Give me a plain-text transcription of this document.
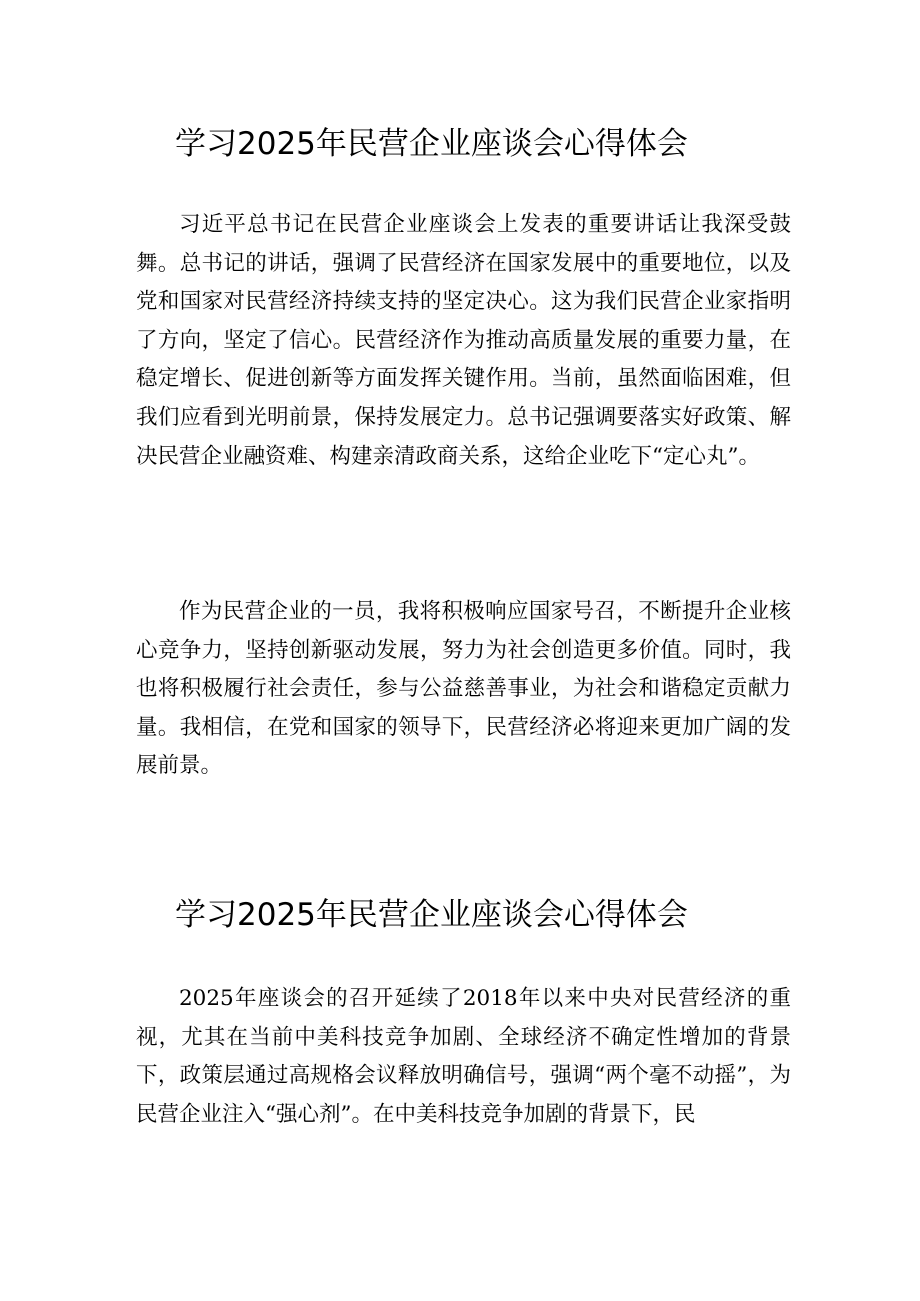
学习2025年民营企业座谈会心得体会

习近平总书记在民营企业座谈会上发表的重要讲话让我深受鼓舞。总书记的讲话，强调了民营经济在国家发展中的重要地位，以及党和国家对民营经济持续支持的坚定决心。这为我们民营企业家指明了方向，坚定了信心。民营经济作为推动高质量发展的重要力量，在稳定增长、促进创新等方面发挥关键作用。当前，虽然面临困难，但我们应看到光明前景，保持发展定力。总书记强调要落实好政策、解决民营企业融资难、构建亲清政商关系，这给企业吃下“定心丸”。

作为民营企业的一员，我将积极响应国家号召，不断提升企业核心竞争力，坚持创新驱动发展，努力为社会创造更多价值。同时，我也将积极履行社会责任，参与公益慈善事业，为社会和谐稳定贡献力量。我相信，在党和国家的领导下，民营经济必将迎来更加广阔的发展前景。

学习2025年民营企业座谈会心得体会

2025年座谈会的召开延续了2018年以来中央对民营经济的重视，尤其在当前中美科技竞争加剧、全球经济不确定性增加的背景下，政策层通过高规格会议释放明确信号，强调“两个毫不动摇”，为民营企业注入“强心剂”。在中美科技竞争加剧的背景下，民
